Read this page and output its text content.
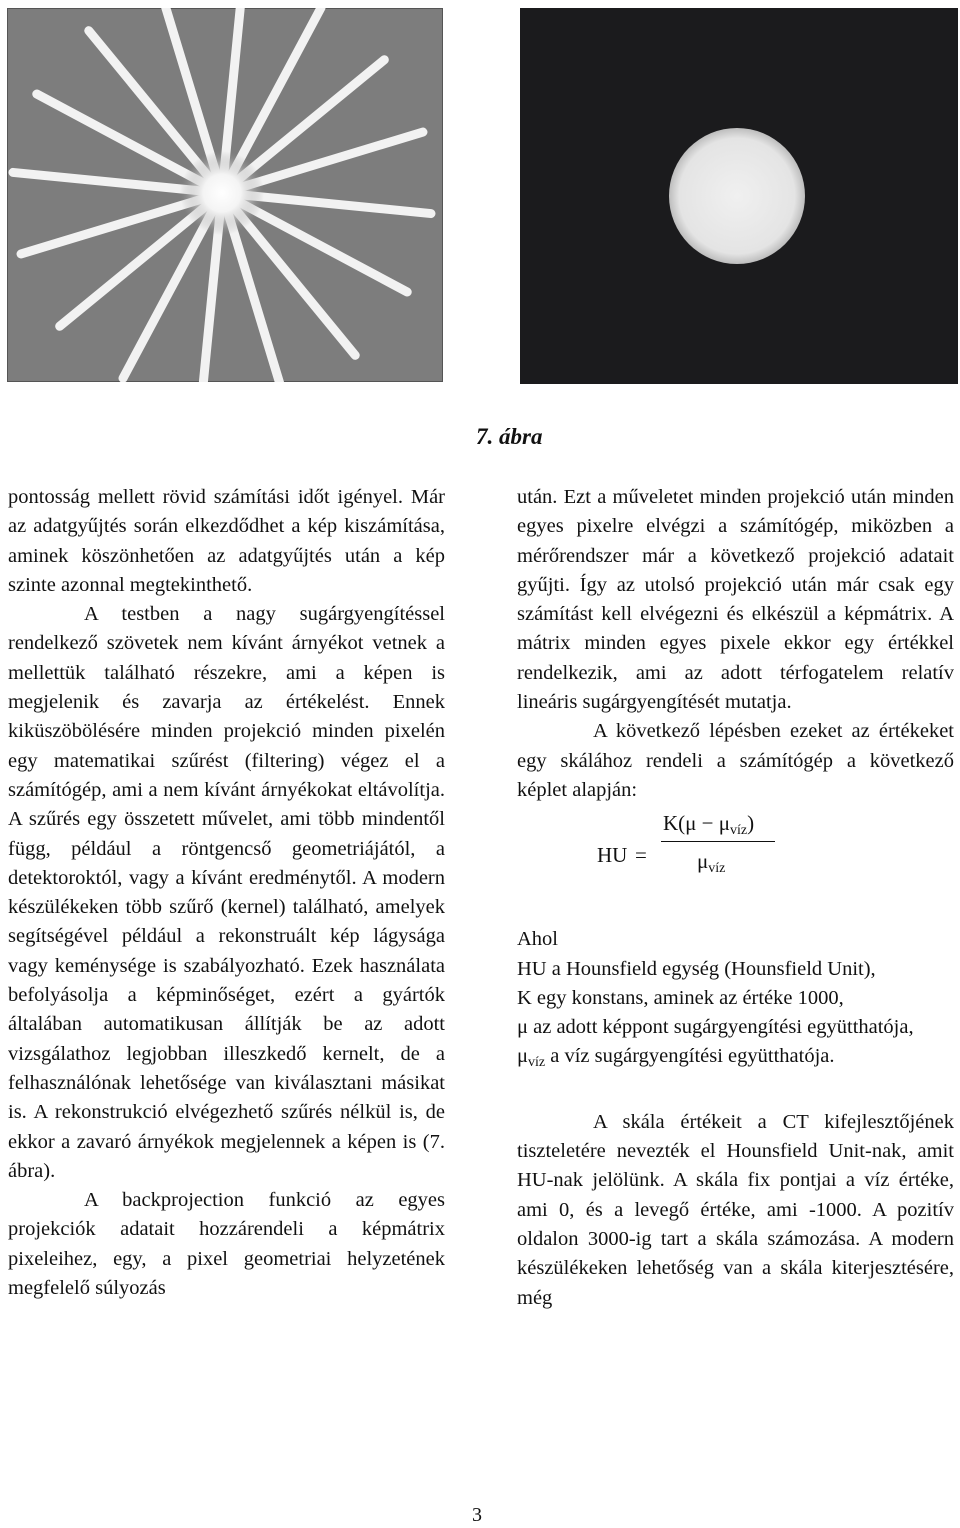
7. ábra

pontosság mellett rövid számítási időt igényel. Már az adatgyűjtés során elkezdődhet a kép kiszámítása, aminek köszönhetően az adatgyűjtés után a kép szinte azonnal megtekinthető.

A testben a nagy sugárgyengítéssel rendelkező szövetek nem kívánt árnyékot vetnek a mellettük található részekre, ami a képen is megjelenik és zavarja az értékelést. Ennek kiküszöbölésére minden projekció minden pixelén egy matematikai szűrést (filtering) végez el a számítógép, ami a nem kívánt árnyékokat eltávolítja. A szűrés egy összetett művelet, ami több mindentől függ, például a röntgencső geometriájától, a detektoroktól, vagy a kívánt eredménytől. A modern készülékeken több szűrő (kernel) található, amelyek segítségével például a rekonstruált kép lágysága vagy keménysége is szabályozható. Ezek használata befolyásolja a képminőséget, ezért a gyártók általában automatikusan állítják be az adott vizsgálathoz legjobban illeszkedő kernelt, de a felhasználónak lehetősége van kiválasztani másikat is. A rekonstrukció elvégezhető szűrés nélkül is, de ekkor a zavaró árnyékok megjelennek a képen is (7. ábra).

A backprojection funkció az egyes projekciók adatait hozzárendeli a képmátrix pixeleihez, egy, a pixel geometriai helyzetének megfelelő súlyozás

után. Ezt a műveletet minden projekció után minden egyes pixelre elvégzi a számítógép, miközben a mérőrendszer már a következő projekció adatait gyűjti. Így az utolsó projekció után már csak egy számítást kell elvégezni és elkészül a képmátrix. A mátrix minden egyes pixele ekkor egy értékkel rendelkezik, ami az adott térfogatelem relatív lineáris sugárgyengítését mutatja.

A következő lépésben ezeket az értékeket egy skálához rendeli a számítógép a következő képlet alapján:

HU =
$K(\mu - \mu_{víz})$
$\mu_{víz}$

Ahol

HU a Hounsfield egység (Hounsfield Unit),

K egy konstans, aminek az értéke 1000,

μ az adott képpont sugárgyengítési együtthatója,

$\mu_{víz}$ a víz sugárgyengítési együtthatója.

A skála értékeit a CT kifejlesztőjének tiszteletére nevezték el Hounsfield Unit-nak, amit HU-nak jelölünk. A skála fix pontjai a víz értéke, ami 0, és a levegő értéke, ami -1000. A pozitív oldalon 3000-ig tart a skála számozása. A modern készülékeken lehetőség van a skála kiterjesztésére, még

3
